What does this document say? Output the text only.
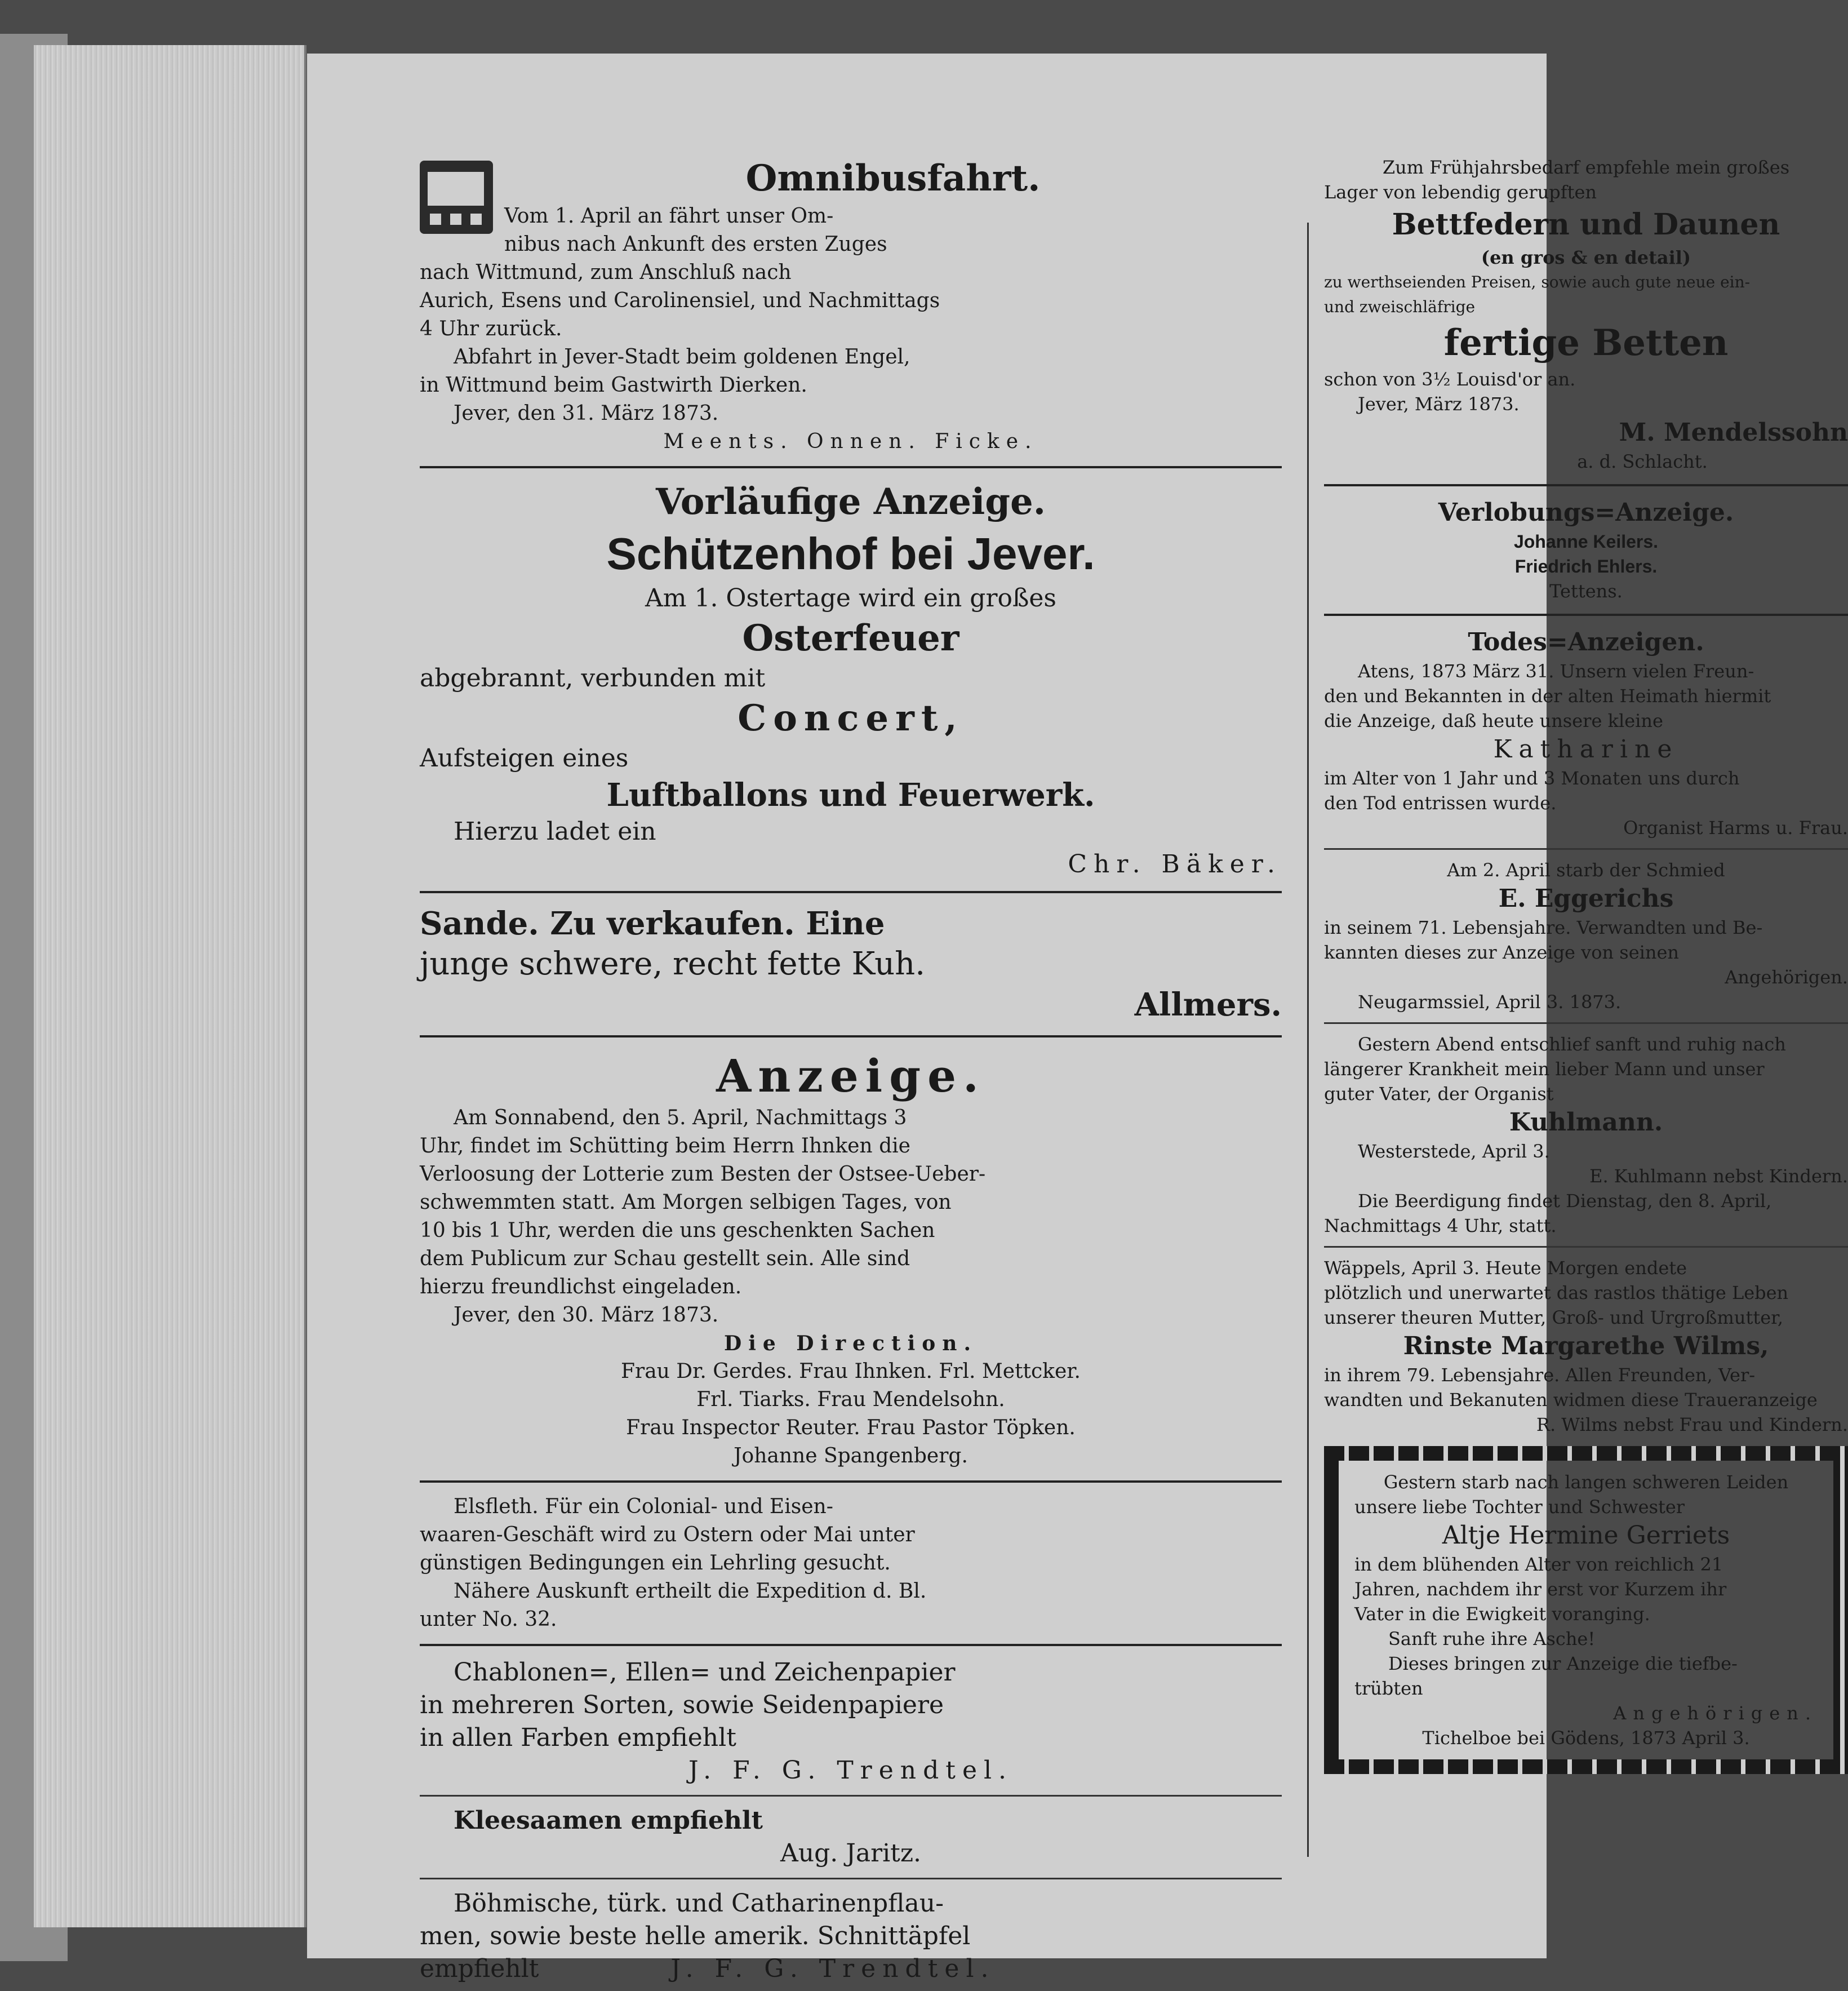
Omnibusfahrt.

Vom 1. April an fährt unser Om-

nibus nach Ankunft des ersten Zuges

nach Wittmund, zum Anschluß nach

Aurich, Esens und Carolinensiel, und Nachmittags

4 Uhr zurück.

Abfahrt in Jever-Stadt beim goldenen Engel,

in Wittmund beim Gastwirth Dierken.

Jever, den 31. März 1873.

Meents. Onnen. Ficke.

Vorläufige Anzeige.

Schützenhof bei Jever.

Am 1. Ostertage wird ein großes

Osterfeuer

abgebrannt, verbunden mit

Concert,

Aufsteigen eines

Luftballons und Feuerwerk.

Hierzu ladet ein

Chr. Bäker.

Sande. Zu verkaufen. Eine

junge schwere, recht fette Kuh.

Allmers.

Anzeige.

Am Sonnabend, den 5. April, Nachmittags 3

Uhr, findet im Schütting beim Herrn Ihnken die

Verloosung der Lotterie zum Besten der Ostsee-Ueber-

schwemmten statt. Am Morgen selbigen Tages, von

10 bis 1 Uhr, werden die uns geschenkten Sachen

dem Publicum zur Schau gestellt sein. Alle sind

hierzu freundlichst eingeladen.

Jever, den 30. März 1873.

Die Direction.

Frau Dr. Gerdes. Frau Ihnken. Frl. Mettcker.

Frl. Tiarks. Frau Mendelsohn.

Frau Inspector Reuter. Frau Pastor Töpken.

Johanne Spangenberg.

Elsfleth. Für ein Colonial- und Eisen-

waaren-Geschäft wird zu Ostern oder Mai unter

günstigen Bedingungen ein Lehrling gesucht.

Nähere Auskunft ertheilt die Expedition d. Bl.

unter No. 32.

Chablonen=, Ellen= und Zeichenpapier

in mehreren Sorten, sowie Seidenpapiere

in allen Farben empfiehlt

J. F. G. Trendtel.

Kleesaamen empfiehlt

Aug. Jaritz.

Böhmische, türk. und Catharinenpflau-

men, sowie beste helle amerik. Schnittäpfel

empfiehlt	J. F. G. Trendtel.

Zum Frühjahrsbedarf empfehle mein großes

Lager von lebendig gerupften

Bettfedern und Daunen

(en gros & en detail)

zu werthseienden Preisen, sowie auch gute neue ein-

und zweischläfrige

fertige Betten

schon von 3½ Louisd'or an.

Jever, März 1873.

M. Mendelssohn

a. d. Schlacht.

Verlobungs=Anzeige.

Johanne Keilers.

Friedrich Ehlers.

Tettens.

Todes=Anzeigen.

Atens, 1873 März 31. Unsern vielen Freun-

den und Bekannten in der alten Heimath hiermit

die Anzeige, daß heute unsere kleine

Katharine

im Alter von 1 Jahr und 3 Monaten uns durch

den Tod entrissen wurde.

Organist Harms u. Frau.

Am 2. April starb der Schmied

E. Eggerichs

in seinem 71. Lebensjahre. Verwandten und Be-

kannten dieses zur Anzeige von seinen

Angehörigen.

Neugarmssiel, April 3. 1873.

Gestern Abend entschlief sanft und ruhig nach

längerer Krankheit mein lieber Mann und unser

guter Vater, der Organist

Kuhlmann.

Westerstede, April 3.

E. Kuhlmann nebst Kindern.

Die Beerdigung findet Dienstag, den 8. April,

Nachmittags 4 Uhr, statt.

Wäppels, April 3. Heute Morgen endete

plötzlich und unerwartet das rastlos thätige Leben

unserer theuren Mutter, Groß- und Urgroßmutter,

Rinste Margarethe Wilms,

in ihrem 79. Lebensjahre. Allen Freunden, Ver-

wandten und Bekanuten widmen diese Traueranzeige

R. Wilms nebst Frau und Kindern.

Gestern starb nach langen schweren Leiden

unsere liebe Tochter und Schwester

Altje Hermine Gerriets

in dem blühenden Alter von reichlich 21

Jahren, nachdem ihr erst vor Kurzem ihr

Vater in die Ewigkeit voranging.

Sanft ruhe ihre Asche!

Dieses bringen zur Anzeige die tiefbe-

trübten

Angehörigen.

Tichelboe bei Gödens, 1873 April 3.
